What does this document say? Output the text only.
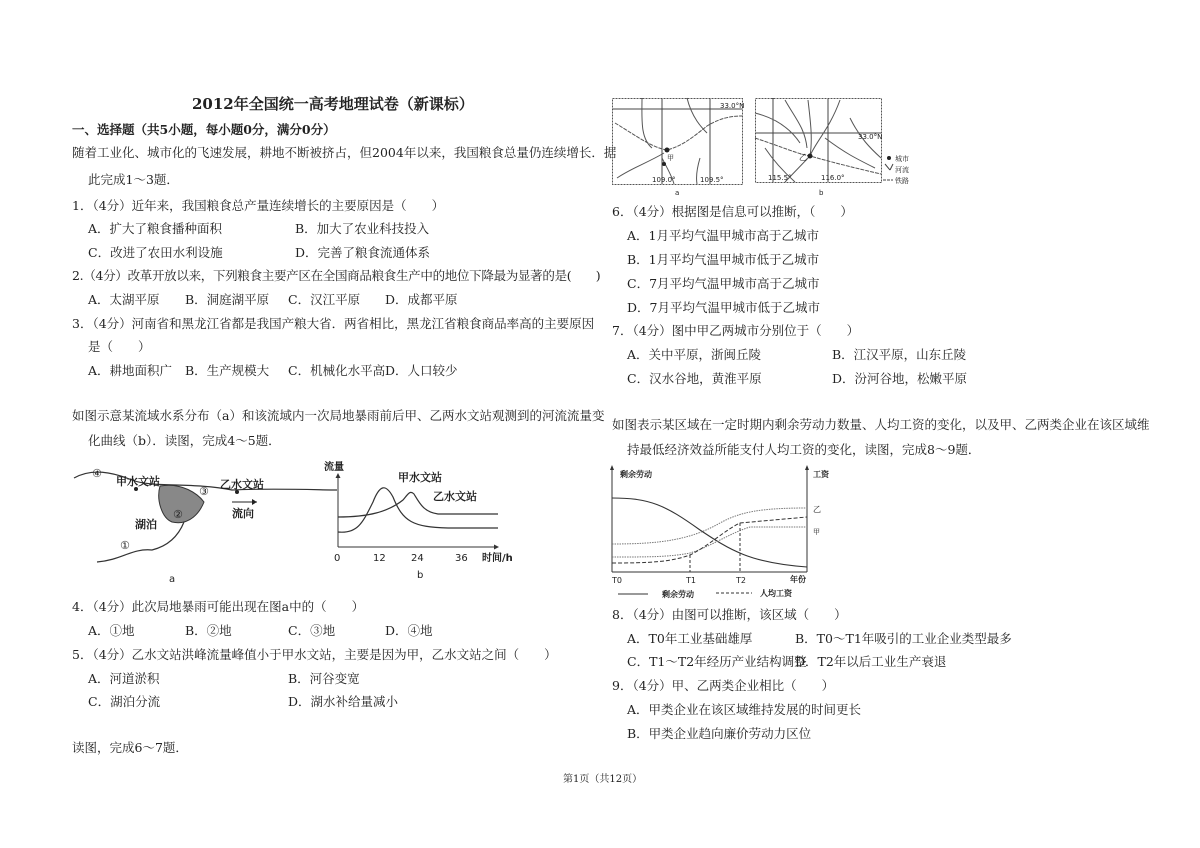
2012年全国统一高考地理试卷（新课标）
一、选择题（共5小题，每小题0分，满分0分）
随着工业化、城市化的飞速发展，耕地不断被挤占，但2004年以来，我国粮食总量仍连续增长．据
此完成1～3题．
1．（4分）近年来，我国粮食总产量连续增长的主要原因是（　　）
A．扩大了粮食播种面积	B．加大了农业科技投入
C．改进了农田水利设施	D．完善了粮食流通体系
2.（4分）改革开放以来，下列粮食主要产区在全国商品粮食生产中的地位下降最为显著的是(　　)
A．太湖平原 B．洞庭湖平原 C．汉江平原 D．成都平原
3．（4分）河南省和黑龙江省都是我国产粮大省．两省相比，黑龙江省粮食商品率高的主要原因
是（　　）
A．耕地面积广 B．生产规模大 C．机械化水平高 D．人口较少
如图示意某流域水系分布（a）和该流域内一次局地暴雨前后甲、乙两水文站观测到的河流流量变
化曲线（b）．读图，完成4～5题．
④
甲水文站
③
乙水文站
②
湖泊
流向
①
a
流量
0	12	24	36 时间/h
甲水文站
乙水文站
b
4．（4分）此次局地暴雨可能出现在图a中的（　　）
A．①地	B．②地	C．③地	D．④地
5．（4分）乙水文站洪峰流量峰值小于甲水文站，主要是因为甲，乙水文站之间（　　）
A．河道淤积	B．河谷变宽
C．湖泊分流	D．湖水补给量减小
读图，完成6～7题．
33.0°N
甲
109.0°	109.5°
a
33.0°N
乙
115.5°	116.0°
b
城市
河流
铁路
6．（4分）根据图是信息可以推断，（　　）
A．1月平均气温甲城市高于乙城市
B．1月平均气温甲城市低于乙城市
C．7月平均气温甲城市高于乙城市
D．7月平均气温甲城市低于乙城市
7．（4分）图中甲乙两城市分别位于（　　）
A．关中平原，浙闽丘陵	B．江汉平原，山东丘陵
C．汉水谷地，黄淮平原	D．汾河谷地，松嫩平原
如图表示某区域在一定时期内剩余劳动力数量、人均工资的变化，以及甲、乙两类企业在该区域维
持最低经济效益所能支付人均工资的变化，读图，完成8～9题．
剩余劳动	工资
乙
甲
T0	T1	T2	年份
剩余劳动	人均工资
8．（4分）由图可以推断，该区域（　　）
A．T0年工业基础雄厚	B．T0～T1年吸引的工业企业类型最多
C．T1～T2年经历产业结构调整
D．T2年以后工业生产衰退
9．（4分）甲、乙两类企业相比（　　）
A．甲类企业在该区域维持发展的时间更长
B．甲类企业趋向廉价劳动力区位
第1页（共12页）
